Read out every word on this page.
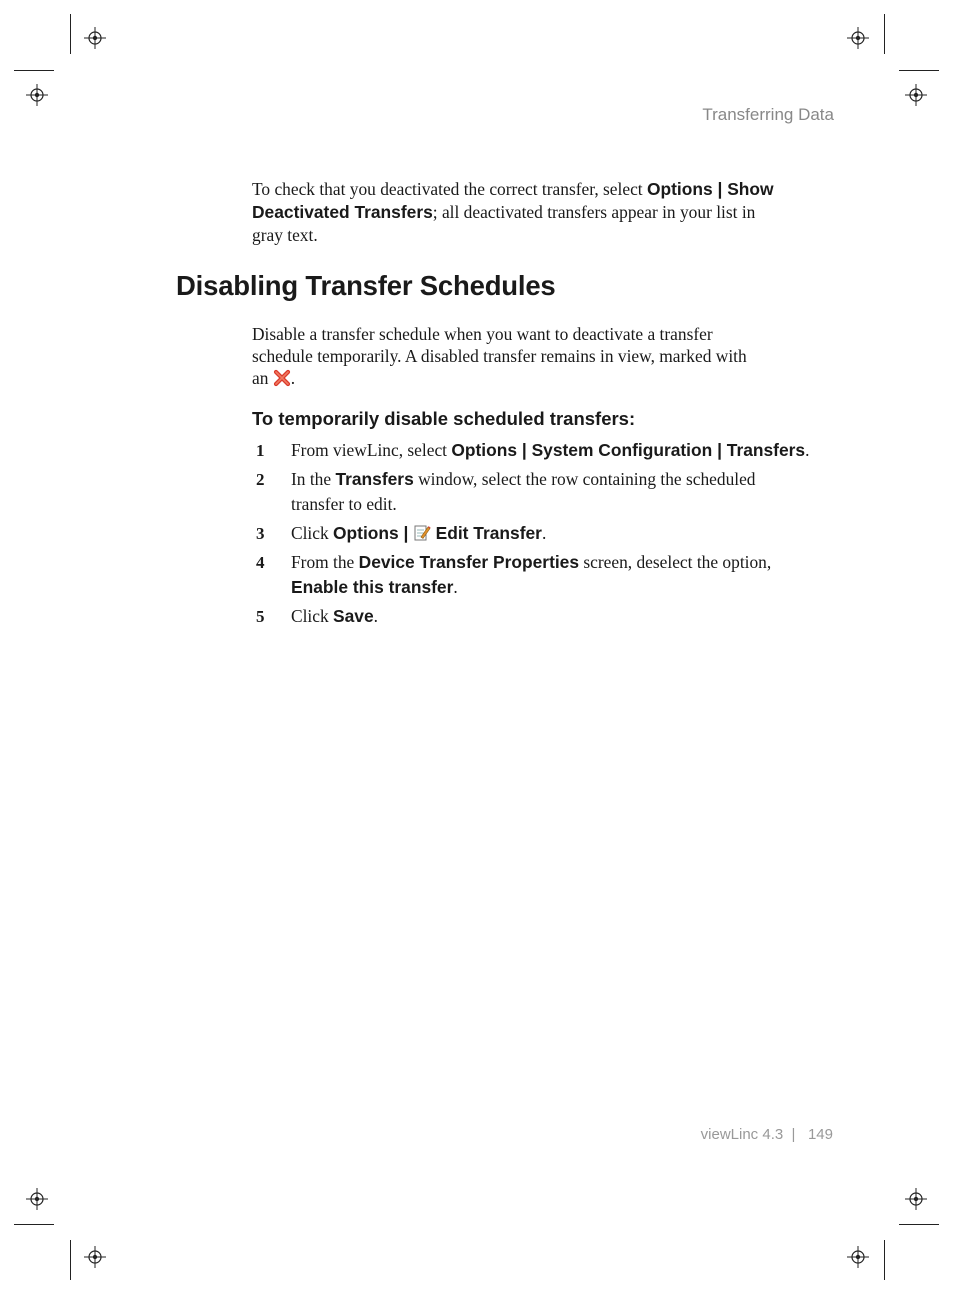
Transferring Data
To check that you deactivated the correct transfer, select Options | Show
Deactivated Transfers; all deactivated transfers appear in your list in
gray text.
Disabling Transfer Schedules
Disable a transfer schedule when you want to deactivate a transfer
schedule temporarily. A disabled transfer remains in view, marked with
an .
To temporarily disable scheduled transfers:
1 From viewLinc, select Options | System Configuration | Transfers.
2 In the Transfers window, select the row containing the scheduled
transfer to edit.
3 Click Options |  Edit Transfer.
4 From the Device Transfer Properties screen, deselect the option,
Enable this transfer.
5 Click Save.
viewLinc 4.3 | 149
